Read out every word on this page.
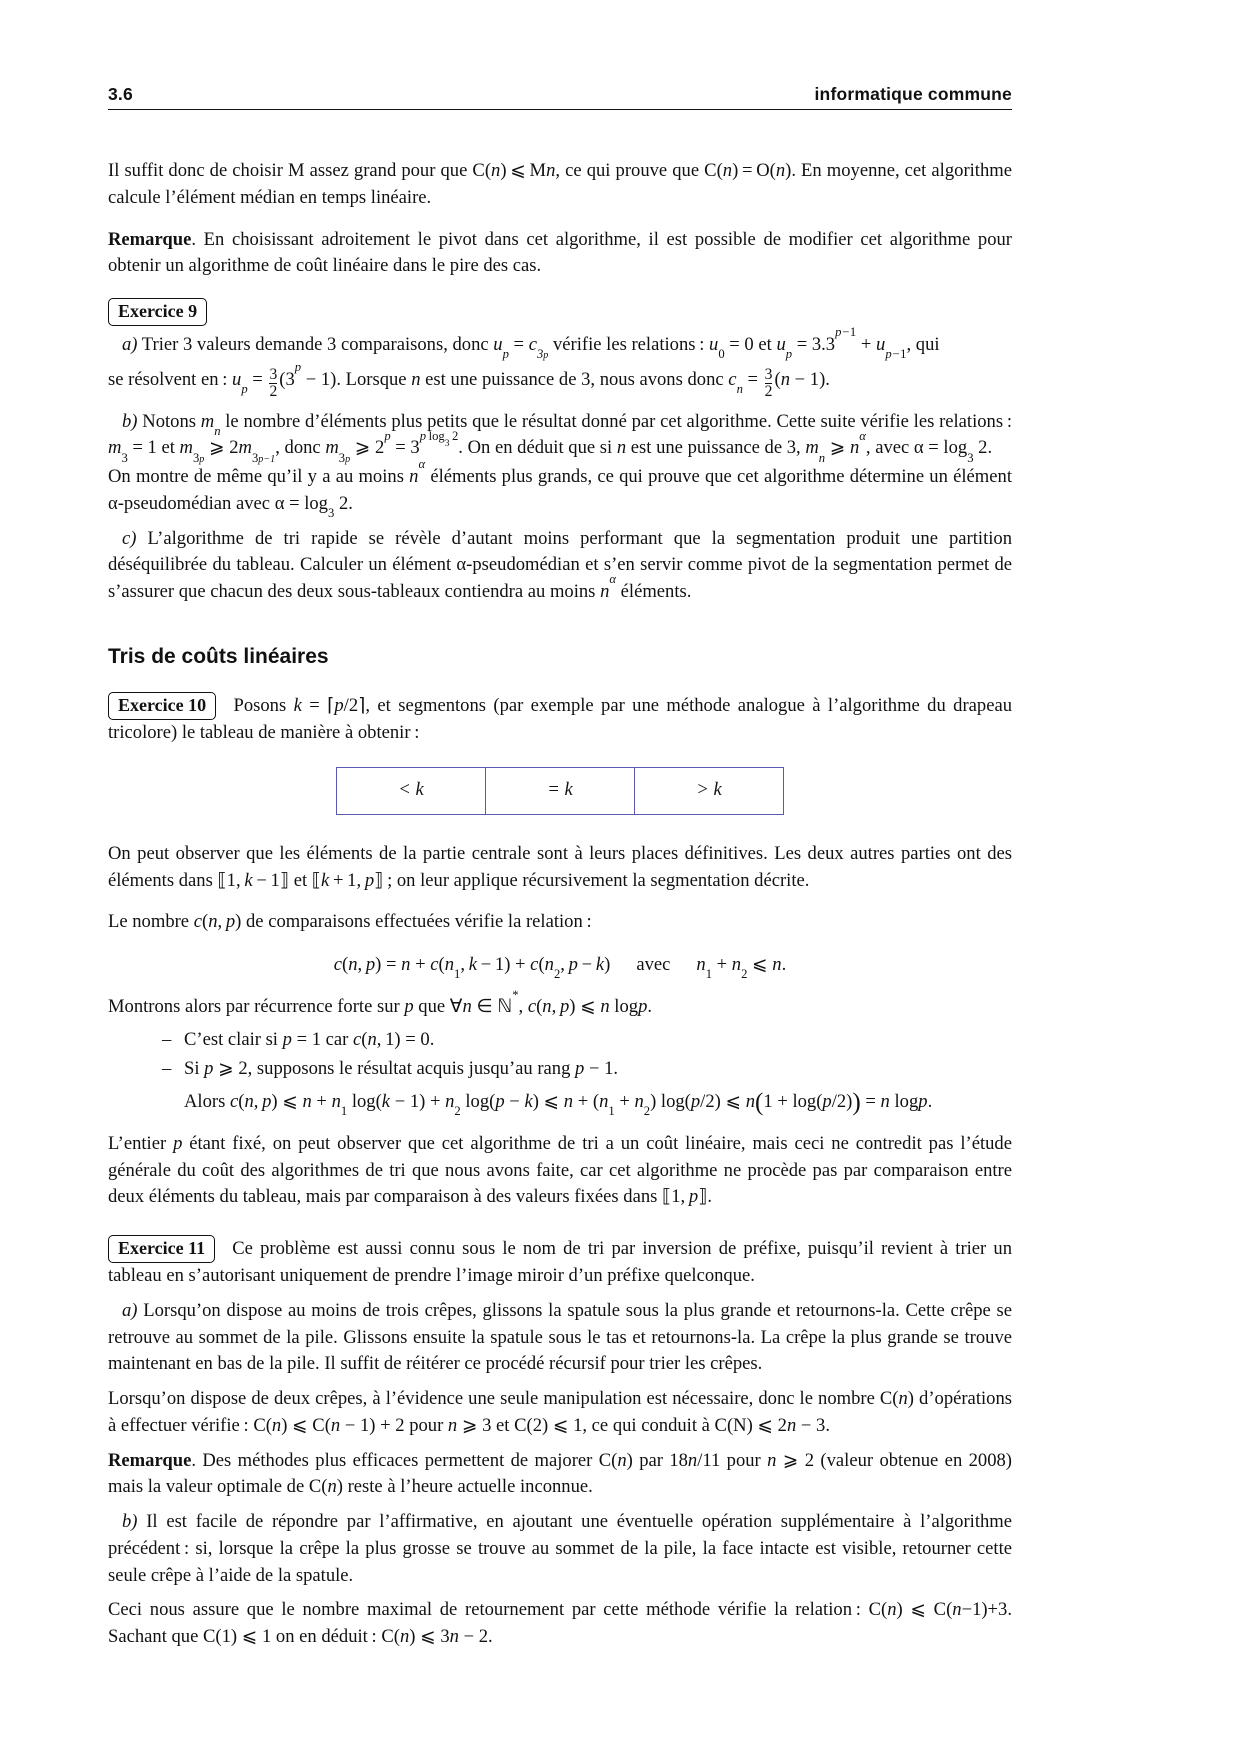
3.6	informatique commune

Il suffit donc de choisir M assez grand pour que C(n) ⩽ Mn, ce qui prouve que C(n) = O(n). En moyenne, cet algorithme calcule l’élément médian en temps linéaire.

Remarque. En choisissant adroitement le pivot dans cet algorithme, il est possible de modifier cet algorithme pour obtenir un algorithme de coût linéaire dans le pire des cas.

Exercice 9

a) Trier 3 valeurs demande 3 comparaisons, donc $u_p = c_{3p}$ vérifie les relations : $u_0 = 0$ et $u_p = 3.3^{p-1} + u_{p-1}$, qui

se résolvent en : $u_p = \frac{3}{2} (3^p - 1)$. Lorsque n est une puissance de 3, nous avons donc $c_n = \frac{3}{2} (n - 1)$.

b) Notons $m_n$ le nombre d’éléments plus petits que le résultat donné par cet algorithme. Cette suite vérifie les relations : $m_3 = 1$ et $m_{3p}$ ⩾ $2m_{3p-1}$, donc $m_{3p}$ ⩾ $2^p = 3^{p log_3 2}$. On en déduit que si n est une puissance de 3, $m_n$ ⩾ $n^\alpha$, avec $\alpha = \log_3 2$.

On montre de même qu’il y a au moins $n^\alpha$ éléments plus grands, ce qui prouve que cet algorithme détermine un élément α-pseudomédian avec $\alpha = \log_3 2$.

c) L’algorithme de tri rapide se révèle d’autant moins performant que la segmentation produit une partition déséquilibrée du tableau. Calculer un élément α-pseudomédian et s’en servir comme pivot de la segmentation permet de s’assurer que chacun des deux sous-tableaux contiendra au moins $n^\alpha$ éléments.

Tris de coûts linéaires

Exercice 10 Posons k = ⌈p/2⌉, et segmentons (par exemple par une méthode analogue à l’algorithme du drapeau tricolore) le tableau de manière à obtenir :

< k	= k	> k

On peut observer que les éléments de la partie centrale sont à leurs places définitives. Les deux autres parties ont des éléments dans ⟦1, k − 1⟧ et ⟦k + 1, p⟧ ; on leur applique récursivement la segmentation décrite.

Le nombre c(n, p) de comparaisons effectuées vérifie la relation :

c(n, $p) = n + c(n_1$, $k - 1) + c(n_2$, p − k) avec $n_1 + n_2$ ⩽ n.

Montrons alors par récurrence forte sur p que ∀n ∈ ℕ*, c(n, p) ⩽ n logp.

– C’est clair si p = 1 car c(n, 1) = 0.
– Si p ⩾ 2, supposons le résultat acquis jusqu’au rang p − 1.
Alors c(n, p) ⩽ $n + n_1$ $\log(k - 1) + n_2$ log(p − k) ⩽ $n + (n_1 + n_2)$ log(p/2) ⩽ n(1 + log(p/2)) = n logp.

L’entier p étant fixé, on peut observer que cet algorithme de tri a un coût linéaire, mais ceci ne contredit pas l’étude générale du coût des algorithmes de tri que nous avons faite, car cet algorithme ne procède pas par comparaison entre deux éléments du tableau, mais par comparaison à des valeurs fixées dans ⟦1, p⟧.

Exercice 11 Ce problème est aussi connu sous le nom de tri par inversion de préfixe, puisqu’il revient à trier un tableau en s’autorisant uniquement de prendre l’image miroir d’un préfixe quelconque.

a) Lorsqu’on dispose au moins de trois crêpes, glissons la spatule sous la plus grande et retournons-la. Cette crêpe se retrouve au sommet de la pile. Glissons ensuite la spatule sous le tas et retournons-la. La crêpe la plus grande se trouve maintenant en bas de la pile. Il suffit de réitérer ce procédé récursif pour trier les crêpes.

Lorsqu’on dispose de deux crêpes, à l’évidence une seule manipulation est nécessaire, donc le nombre C(n) d’opérations à effectuer vérifie : C(n) ⩽ C(n − 1) + 2 pour n ⩾ 3 et C(2) ⩽ 1, ce qui conduit à C(N) ⩽ 2n − 3.

Remarque. Des méthodes plus efficaces permettent de majorer C(n) par 18n/11 pour n ⩾ 2 (valeur obtenue en 2008) mais la valeur optimale de C(n) reste à l’heure actuelle inconnue.

b) Il est facile de répondre par l’affirmative, en ajoutant une éventuelle opération supplémentaire à l’algorithme précédent : si, lorsque la crêpe la plus grosse se trouve au sommet de la pile, la face intacte est visible, retourner cette seule crêpe à l’aide de la spatule.

Ceci nous assure que le nombre maximal de retournement par cette méthode vérifie la relation : C(n) ⩽ C(n−1)+3. Sachant que C(1) ⩽ 1 on en déduit : C(n) ⩽ 3n − 2.
